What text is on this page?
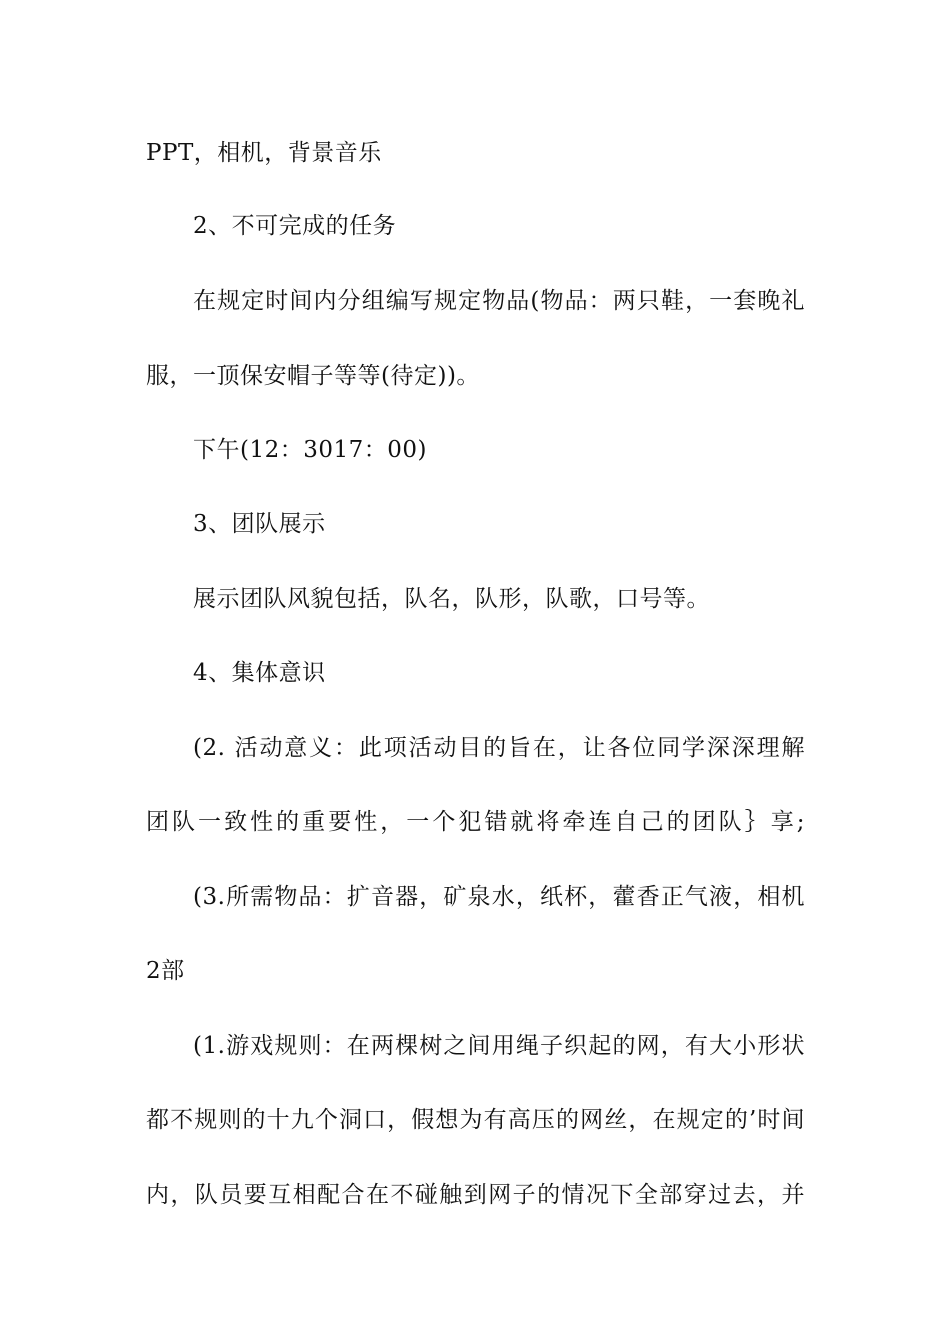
PPT，相机，背景音乐
2、不可完成的任务
在规定时间内分组编写规定物品(物品：两只鞋，一套晚礼
服，一顶保安帽子等等(待定))。
下午(12：3017：00)
3、团队展示
展示团队风貌包括，队名，队形，队歌，口号等。
4、集体意识
(2. 活动意义：此项活动目的旨在，让各位同学深深理解
团队一致性的重要性，一个犯错就将牵连自己的团队｝享;
(3.所需物品：扩音器，矿泉水，纸杯，藿香正气液，相机
2部
(1.游戏规则：在两棵树之间用绳子织起的网，有大小形状
都不规则的十九个洞口，假想为有高压的网丝，在规定的’时间
内，队员要互相配合在不碰触到网子的情况下全部穿过去，并
